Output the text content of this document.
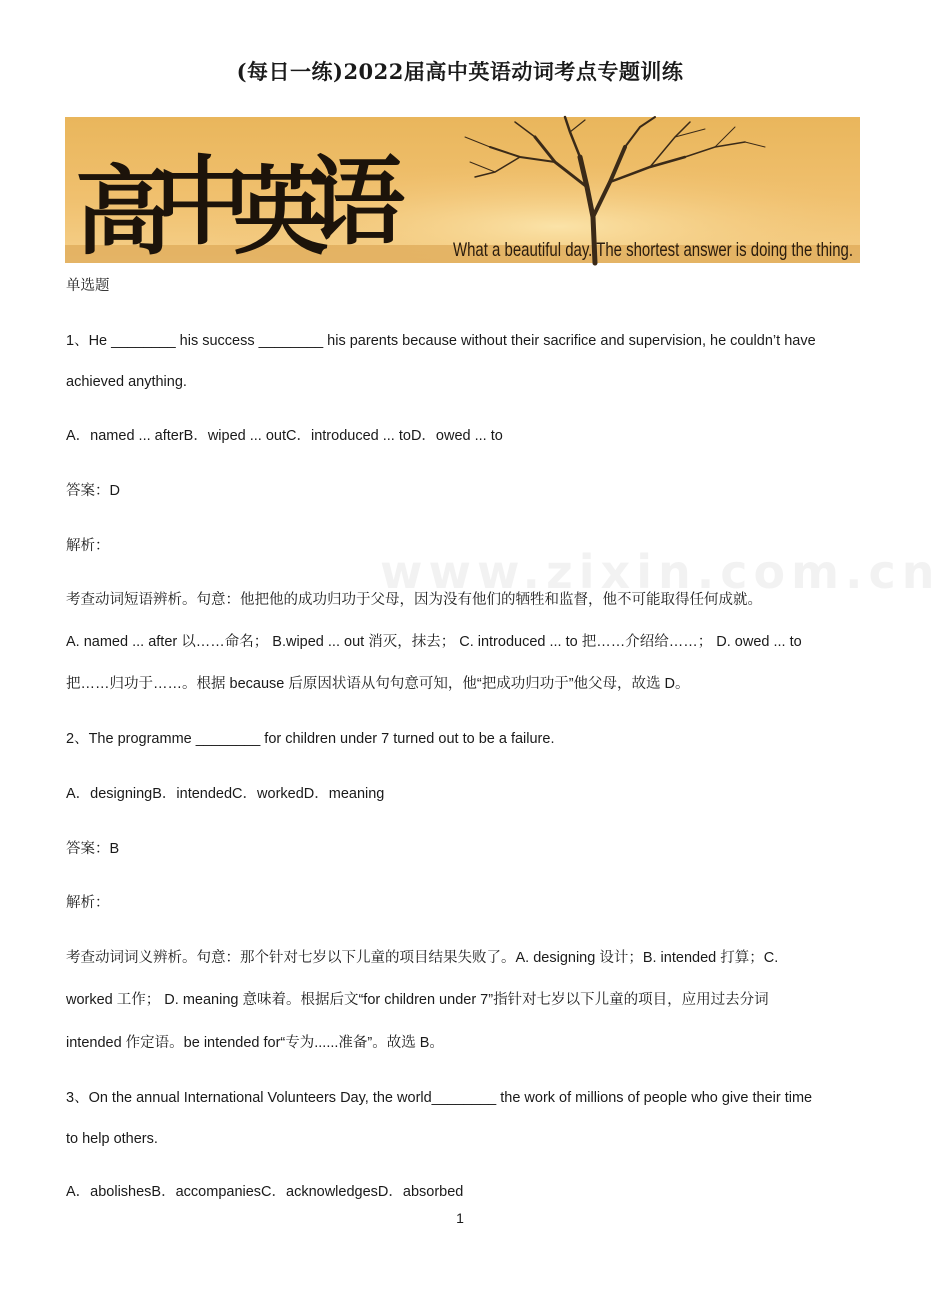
(每日一练)2022届高中英语动词考点专题训练
高
中
英
语 What a beautiful day. The shortest answer is doing the thing.
单选题
1、He ________ his success ________ his parents because without their sacrifice and supervision, he couldn’t have
achieved anything.
A．named ... afterB．wiped ... outC．introduced ... toD．owed ... to
答案：D
解析：
考查动词短语辨析。句意：他把他的成功归功于父母，因为没有他们的牺牲和监督，他不可能取得任何成就。
A. named ... after 以……命名； B.wiped ... out 消灭，抹去； C. introduced ... to 把……介绍给……； D. owed ... to
把……归功于……。根据 because 后原因状语从句句意可知，他“把成功归功于”他父母，故选 D。
2、The programme ________ for children under 7 turned out to be a failure.
A．designingB．intendedC．workedD．meaning
答案：B
解析：
考查动词词义辨析。句意：那个针对七岁以下儿童的项目结果失败了。A. designing 设计；B. intended 打算；C.
worked 工作； D. meaning 意味着。根据后文“for children under 7”指针对七岁以下儿童的项目，应用过去分词
intended 作定语。be intended for“专为......准备”。故选 B。
3、On the annual International Volunteers Day, the world________ the work of millions of people who give their time
to help others.
A．abolishesB．accompaniesC．acknowledgesD．absorbed
www.zixin.com.cn
1
